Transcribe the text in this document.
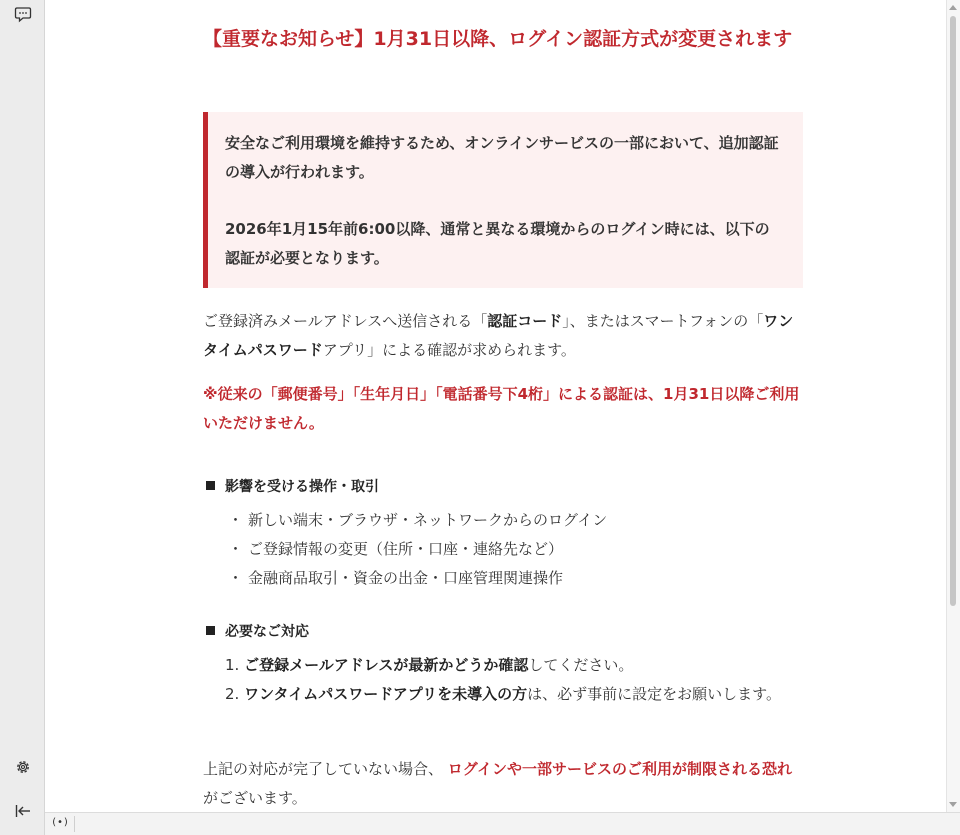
【重要なお知らせ】1月31日以降、ログイン認証方式が変更されます

安全なご利用環境を維持するため、オンラインサービスの一部において、追加認証の導入が行われます。

2026年1月15年前6:00以降、通常と異なる環境からのログイン時には、以下の認証が必要となります。

ご登録済みメールアドレスへ送信される「認証コード」、またはスマートフォンの「ワンタイムパスワードアプリ」による確認が求められます。

※従来の「郵便番号」「生年月日」「電話番号下4桁」による認証は、1月31日以降ご利用いただけません。

影響を受ける操作・取引

・ 新しい端末・ブラウザ・ネットワークからのログイン
・ ご登録情報の変更（住所・口座・連絡先など）
・ 金融商品取引・資金の出金・口座管理関連操作

必要なご対応

1. ご登録メールアドレスが最新かどうか確認してください。
2. ワンタイムパスワードアプリを未導入の方は、必ず事前に設定をお願いします。

上記の対応が完了していない場合、 ログインや一部サービスのご利用が制限される恐れ がございます。

(•)
